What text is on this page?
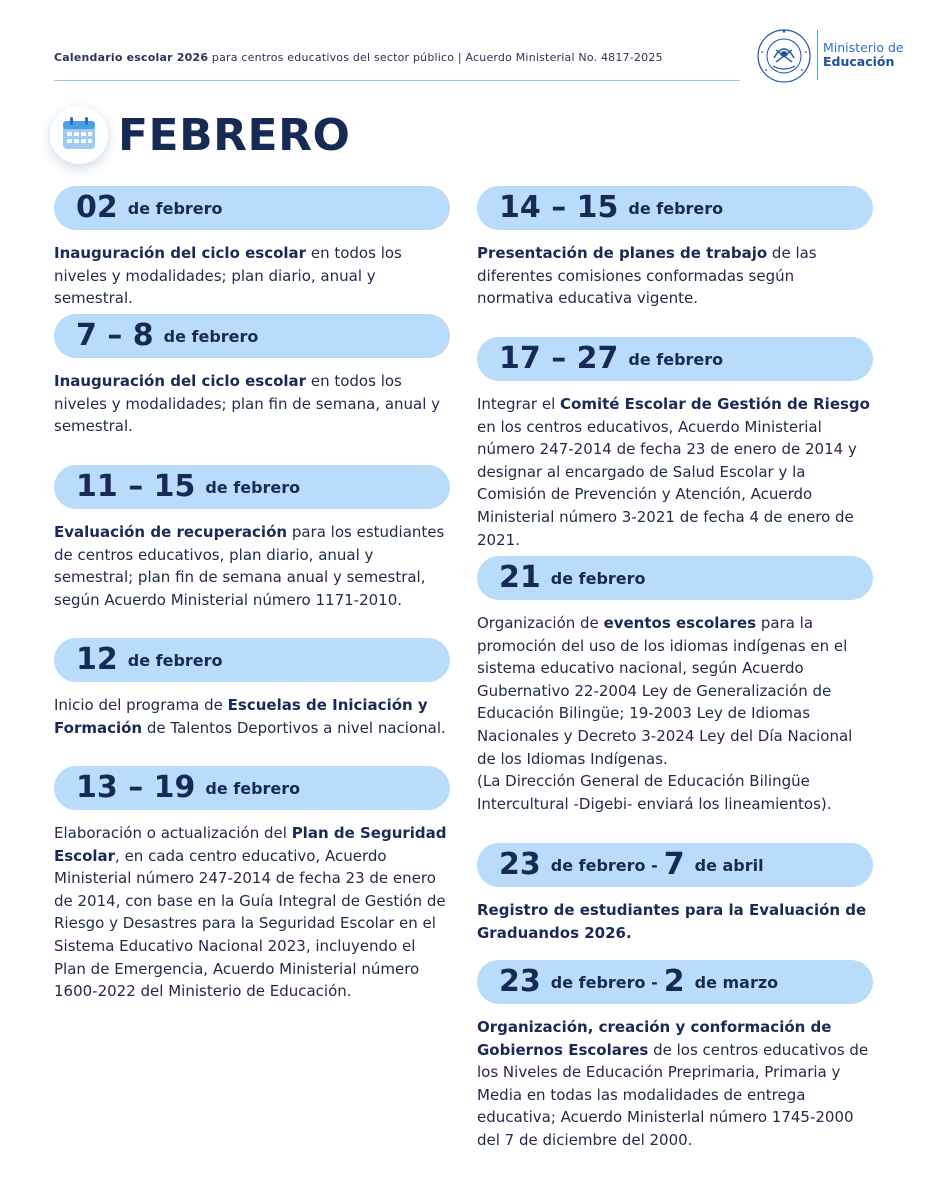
Calendario escolar 2026 para centros educativos del sector público | Acuerdo Ministerial No. 4817-2025
Ministerio de
Educación
FEBRERO
02 de febrero

Inauguración del ciclo escolar en todos los niveles y modalidades; plan diario, anual y semestral.

7 – 8 de febrero

Inauguración del ciclo escolar en todos los niveles y modalidades; plan fin de semana, anual y semestral.

11 – 15 de febrero

Evaluación de recuperación para los estudiantes de centros educativos, plan diario, anual y semestral; plan fin de semana anual y semestral, según Acuerdo Ministerial número 1171-2010.

12 de febrero

Inicio del programa de Escuelas de Iniciación y Formación de Talentos Deportivos a nivel nacional.

13 – 19 de febrero

Elaboración o actualización del Plan de Seguridad Escolar, en cada centro educativo, Acuerdo Ministerial número 247-2014 de fecha 23 de enero de 2014, con base en la Guía Integral de Gestión de Riesgo y Desastres para la Seguridad Escolar en el Sistema Educativo Nacional 2023, incluyendo el Plan de Emergencia, Acuerdo Ministerial número 1600-2022 del Ministerio de Educación.

14 – 15 de febrero

Presentación de planes de trabajo de las diferentes comisiones conformadas según normativa educativa vigente.

17 – 27 de febrero

Integrar el Comité Escolar de Gestión de Riesgo en los centros educativos, Acuerdo Ministerial número 247-2014 de fecha 23 de enero de 2014 y designar al encargado de Salud Escolar y la Comisión de Prevención y Atención, Acuerdo Ministerial número 3-2021 de fecha 4 de enero de 2021.

21 de febrero

Organización de eventos escolares para la promoción del uso de los idiomas indígenas en el sistema educativo nacional, según Acuerdo Gubernativo 22-2004 Ley de Generalización de Educación Bilingüe; 19-2003 Ley de Idiomas Nacionales y Decreto 3-2024 Ley del Día Nacional de los Idiomas Indígenas.
(La Dirección General de Educación Bilingüe Intercultural -Digebi- enviará los lineamientos).

23 de febrero - 7 de abril

Registro de estudiantes para la Evaluación de Graduandos 2026.

23 de febrero - 2 de marzo

Organización, creación y conformación de Gobiernos Escolares de los centros educativos de los Niveles de Educación Preprimaria, Primaria y Media en todas las modalidades de entrega educativa; Acuerdo Ministerlal número 1745-2000 del 7 de diciembre del 2000.
